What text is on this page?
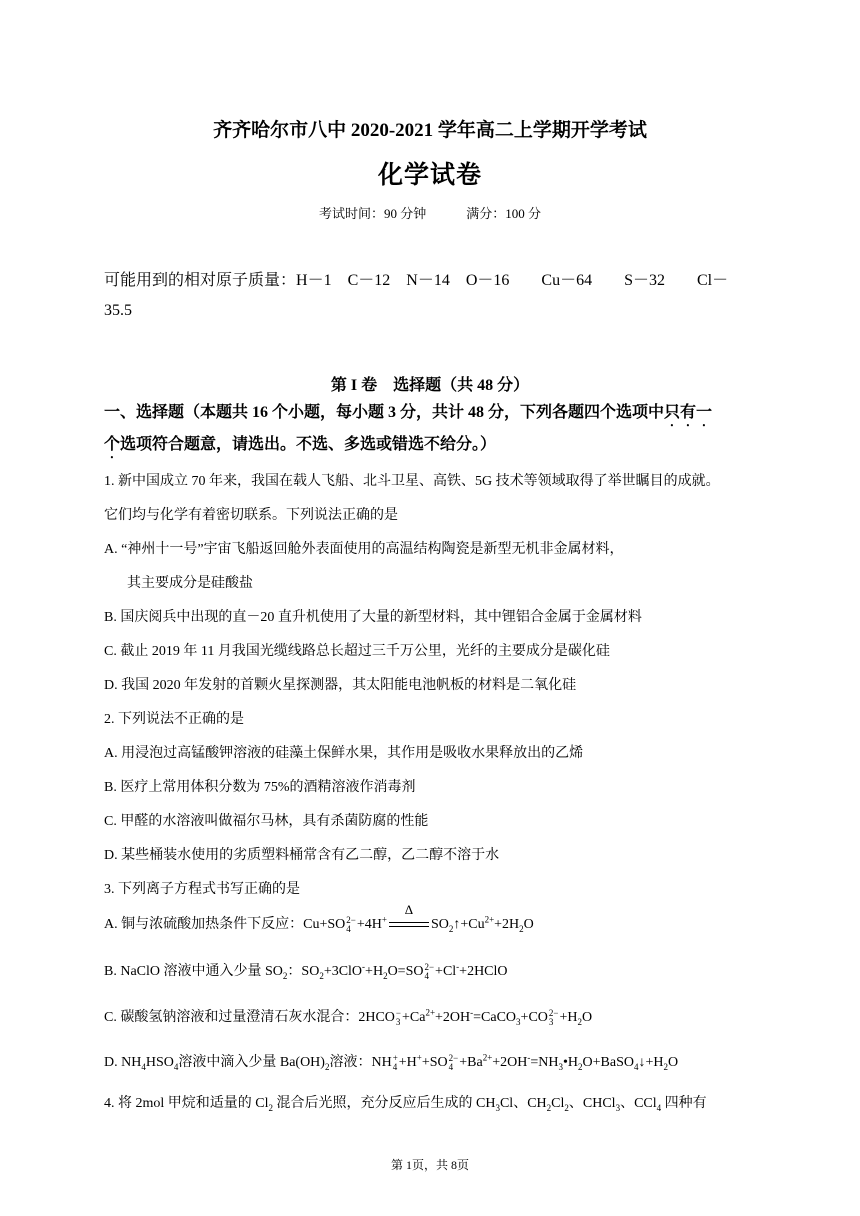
齐齐哈尔市八中 2020-2021 学年高二上学期开学考试
化学试卷
考试时间：90 分钟	满分：100 分
可能用到的相对原子质量：H－1 C－12 N－14 O－16 Cu－64 S－32 Cl－
35.5
第 I 卷　选择题（共 48 分）
一、选择题（本题共 16 个小题，每小题 3 分，共计 48 分，下列各题四个选项中只有一
个选项符合题意，请选出。不选、多选或错选不给分。）
1. 新中国成立 70 年来，我国在载人飞船、北斗卫星、高铁、5G 技术等领域取得了举世瞩目的成就。
它们均与化学有着密切联系。下列说法正确的是
A. “神州十一号”宇宙飞船返回舱外表面使用的高温结构陶瓷是新型无机非金属材料，
其主要成分是硅酸盐
B. 国庆阅兵中出现的直－20 直升机使用了大量的新型材料，其中锂铝合金属于金属材料
C. 截止 2019 年 11 月我国光缆线路总长超过三千万公里，光纤的主要成分是碳化硅
D. 我国 2020 年发射的首颗火星探测器，其太阳能电池帆板的材料是二氧化硅
2. 下列说法不正确的是
A. 用浸泡过高锰酸钾溶液的硅藻土保鲜水果，其作用是吸收水果释放出的乙烯
B. 医疗上常用体积分数为 75%的酒精溶液作消毒剂
C. 甲醛的水溶液叫做福尔马林，具有杀菌防腐的性能
D. 某些桶装水使用的劣质塑料桶常含有乙二醇，乙二醇不溶于水
3. 下列离子方程式书写正确的是
A. 铜与浓硫酸加热条件下反应：Cu+SO 2−
4 +4H+
Δ
$SO_2↑+Cu^{2+}+2H_2O$
B. NaClO 溶液中通入少量 $SO_2$：$SO_2+3ClO^-+H_2O=SO$ 2−
4 +Cl-+2HClO
C. 碳酸氢钠溶液和过量澄清石灰水混合：2HCO −
$3 +Ca^{2+}+2OH^-=CaCO_3+CO$ 2−
$3 +H_2O$
D. $NH_4HSO_4$溶液中滴入少量 $Ba(OH)_2$溶液：NH +
4 +H++SO 2−
$4 +Ba^{2+}+2OH^-=NH_3•H_2O+BaSO_4↓+H_2O$
4. 将 2mol 甲烷和适量的 $Cl_2$ 混合后光照，充分反应后生成的 $CH_3Cl$、$CH_2Cl_2$、CHCl$_3$、CCl$_4$ 四种有
第 1页，共 8页
